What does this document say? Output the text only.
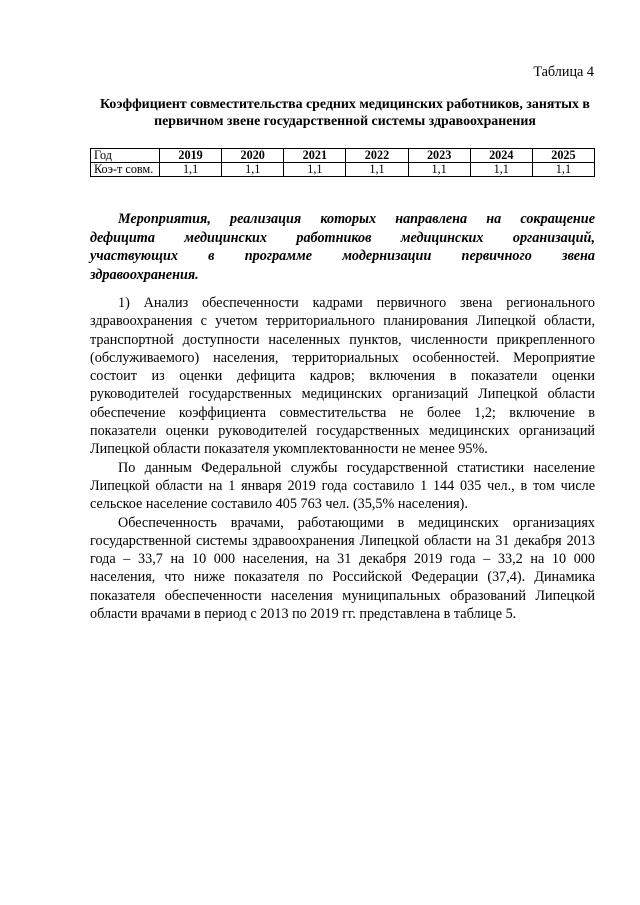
Таблица 4
Коэффициент совместительства средних медицинских работников, занятых в первичном звене государственной системы здравоохранения
Год	2019	2020	2021	2022	2023	2024	2025
Коэ-т совм.	1,1	1,1	1,1	1,1	1,1	1,1	1,1
Мероприятия, реализация которых направлена на сокращение
дефицита медицинских работников медицинских организаций,
участвующих в программе модернизации первичного звена
здравоохранения.

1) Анализ обеспеченности кадрами первичного звена регионального здравоохранения с учетом территориального планирования Липецкой области, транспортной доступности населенных пунктов, численности прикрепленного (обслуживаемого) населения, территориальных особенностей. Мероприятие состоит из оценки дефицита кадров; включения в показатели оценки руководителей государственных медицинских организаций Липецкой области обеспечение коэффициента совместительства не более 1,2; включение в показатели оценки руководителей государственных медицинских организаций Липецкой области показателя укомплектованности не менее 95%.

По данным Федеральной службы государственной статистики население Липецкой области на 1 января 2019 года составило 1 144 035 чел., в том числе сельское население составило 405 763 чел. (35,5% населения).

Обеспеченность врачами, работающими в медицинских организациях государственной системы здравоохранения Липецкой области на 31 декабря 2013 года – 33,7 на 10 000 населения, на 31 декабря 2019 года – 33,2 на 10 000 населения, что ниже показателя по Российской Федерации (37,4). Динамика показателя обеспеченности населения муниципальных образований Липецкой области врачами в период с 2013 по 2019 гг. представлена в таблице 5.
